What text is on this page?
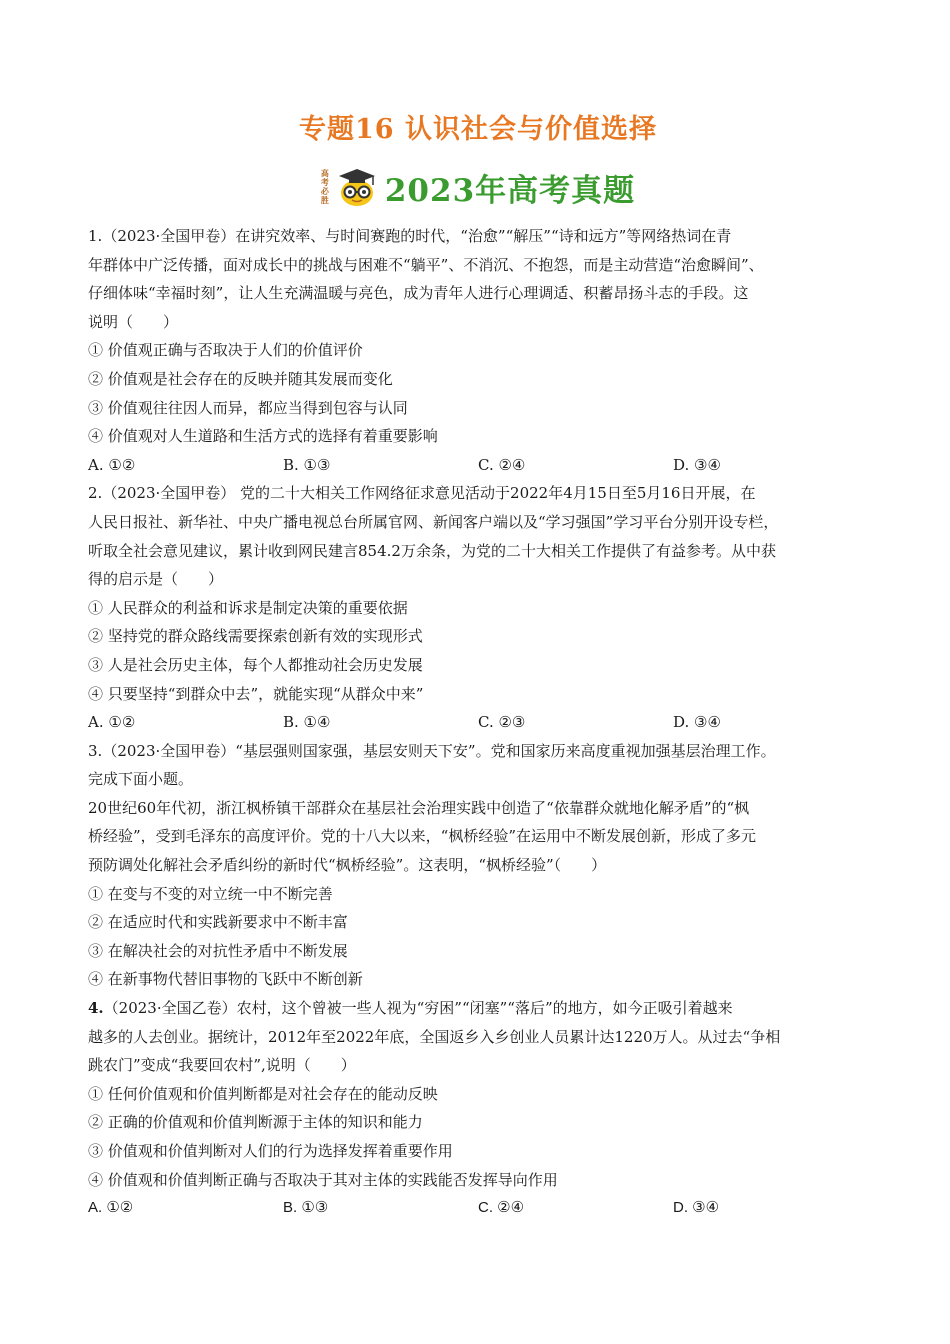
专题16 认识社会与价值选择
高
考
必
胜 2023年高考真题

1.（2023·全国甲卷）在讲究效率、与时间赛跑的时代，“治愈”“解压”“诗和远方”等网络热词在青

年群体中广泛传播，面对成长中的挑战与困难不“躺平”、不消沉、不抱怨，而是主动营造“治愈瞬间”、

仔细体味“幸福时刻”，让人生充满温暖与亮色，成为青年人进行心理调适、积蓄昂扬斗志的手段。这

说明（　　）

① 价值观正确与否取决于人们的价值评价

② 价值观是社会存在的反映并随其发展而变化

③ 价值观往往因人而异，都应当得到包容与认同

④ 价值观对人生道路和生活方式的选择有着重要影响

A. ①②	B. ①③	C. ②④	D. ③④

2.（2023·全国甲卷） 党的二十大相关工作网络征求意见活动于2022年4月15日至5月16日开展，在

人民日报社、新华社、中央广播电视总台所属官网、新闻客户端以及“学习强国”学习平台分别开设专栏，

听取全社会意见建议，累计收到网民建言854.2万余条，为党的二十大相关工作提供了有益参考。从中获

得的启示是（　　）

① 人民群众的利益和诉求是制定决策的重要依据

② 坚持党的群众路线需要探索创新有效的实现形式

③ 人是社会历史主体，每个人都推动社会历史发展

④ 只要坚持“到群众中去”，就能实现“从群众中来”

A. ①②	B. ①④	C. ②③	D. ③④

3.（2023·全国甲卷）“基层强则国家强，基层安则天下安”。党和国家历来高度重视加强基层治理工作。

完成下面小题。

20世纪60年代初，浙江枫桥镇干部群众在基层社会治理实践中创造了“依靠群众就地化解矛盾”的“枫

桥经验”，受到毛泽东的高度评价。党的十八大以来，“枫桥经验”在运用中不断发展创新，形成了多元

预防调处化解社会矛盾纠纷的新时代“枫桥经验”。这表明，“枫桥经验”（　　）

① 在变与不变的对立统一中不断完善

② 在适应时代和实践新要求中不断丰富

③ 在解决社会的对抗性矛盾中不断发展

④ 在新事物代替旧事物的飞跃中不断创新

4.（2023·全国乙卷）农村，这个曾被一些人视为“穷困”“闭塞”“落后”的地方，如今正吸引着越来

越多的人去创业。据统计，2012年至2022年底，全国返乡入乡创业人员累计达1220万人。从过去“争相

跳农门”变成“我要回农村”,说明（　　）

① 任何价值观和价值判断都是对社会存在的能动反映

② 正确的价值观和价值判断源于主体的知识和能力

③ 价值观和价值判断对人们的行为选择发挥着重要作用

④ 价值观和价值判断正确与否取决于其对主体的实践能否发挥导向作用

A. ①②	B. ①③	C. ②④	D. ③④
